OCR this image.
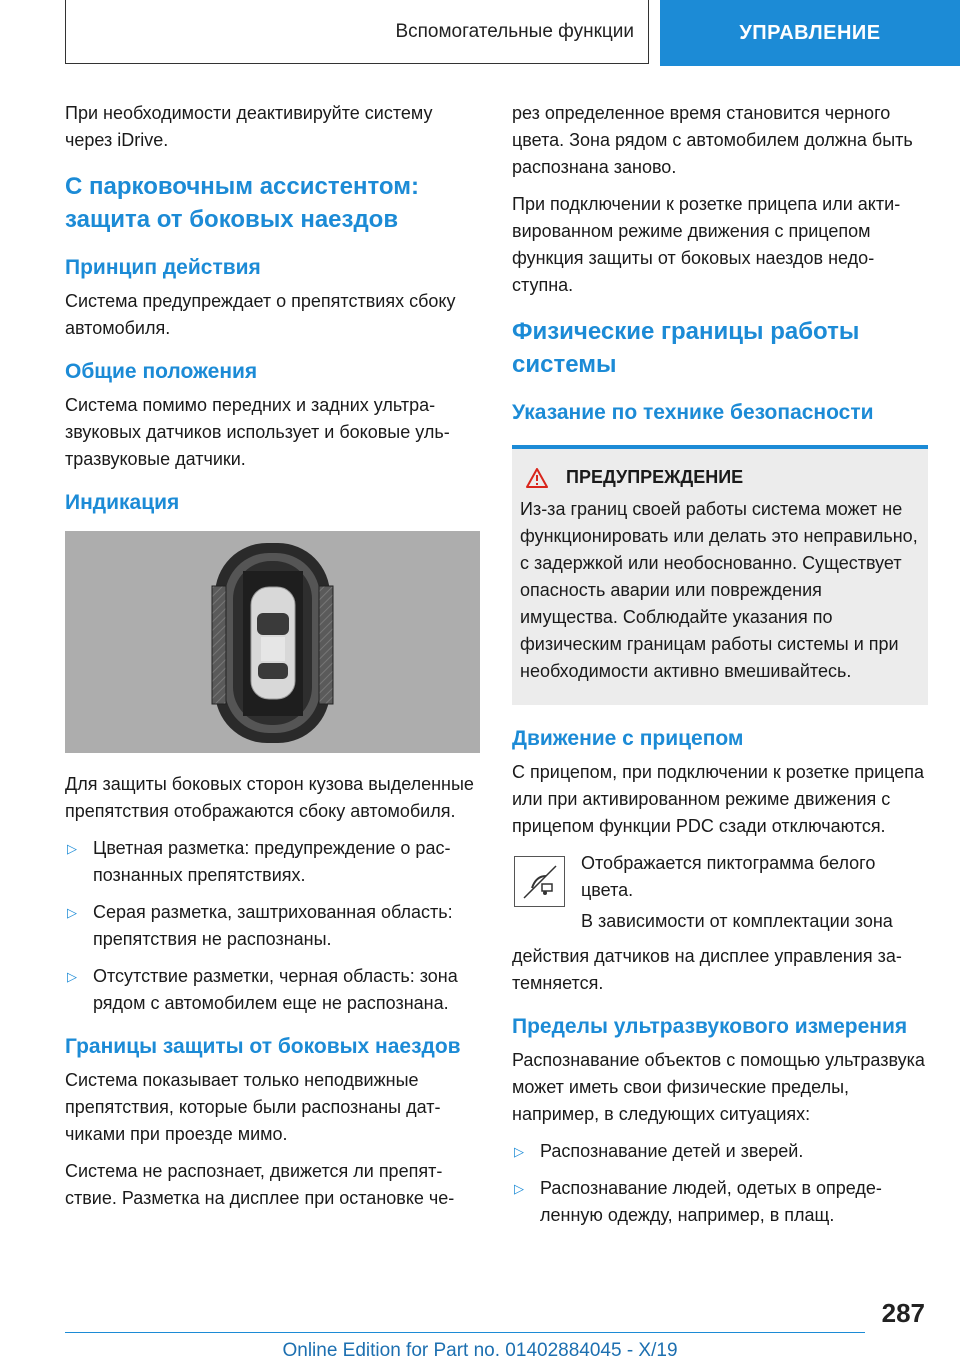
Вспомогательные функции	УПРАВЛЕНИЕ

При необходимости деактивируйте систему через iDrive.

С парковочным ассистентом: защита от боковых наездов
Принцип действия

Система предупреждает о препятствиях сбоку автомобиля.

Общие положения

Система помимо передних и задних ультразвуковых датчиков использует и боковые ультразвуковые датчики.

Индикация

Для защиты боковых сторон кузова выделенные препятствия отображаются сбоку автомобиля.

▷ Цветная разметка: предупреждение о распознанных препятствиях.
▷ Серая разметка, заштрихованная область: препятствия не распознаны.
▷ Отсутствие разметки, черная область: зона рядом с автомобилем еще не распознана.
Границы защиты от боковых наездов

Система показывает только неподвижные препятствия, которые были распознаны датчиками при проезде мимо.

Система не распознает, движется ли препятствие. Разметка на дисплее при остановке че-

рез определенное время становится черного цвета. Зона рядом с автомобилем должна быть распознана заново.

При подключении к розетке прицепа или активированном режиме движения с прицепом функция защиты от боковых наездов недоступна.

Физические границы работы системы
Указание по технике безопасности
ПРЕДУПРЕЖДЕНИЕ

Из-за границ своей работы система может не функционировать или делать это неправильно, с задержкой или необоснованно. Существует опасность аварии или повреждения имущества. Соблюдайте указания по физическим границам работы системы и при необходимости активно вмешивайтесь.

Движение с прицепом

С прицепом, при подключении к розетке прицепа или при активированном режиме движения с прицепом функции PDC сзади отключаются.

Отображается пиктограмма белого цвета.

В зависимости от комплектации зона

действия датчиков на дисплее управления затемняется.

Пределы ультразвукового измерения

Распознавание объектов с помощью ультразвука может иметь свои физические пределы, например, в следующих ситуациях:

▷ Распознавание детей и зверей.
▷ Распознавание людей, одетых в определенную одежду, например, в плащ.
287
Online Edition for Part no. 01402884045 - X/19
